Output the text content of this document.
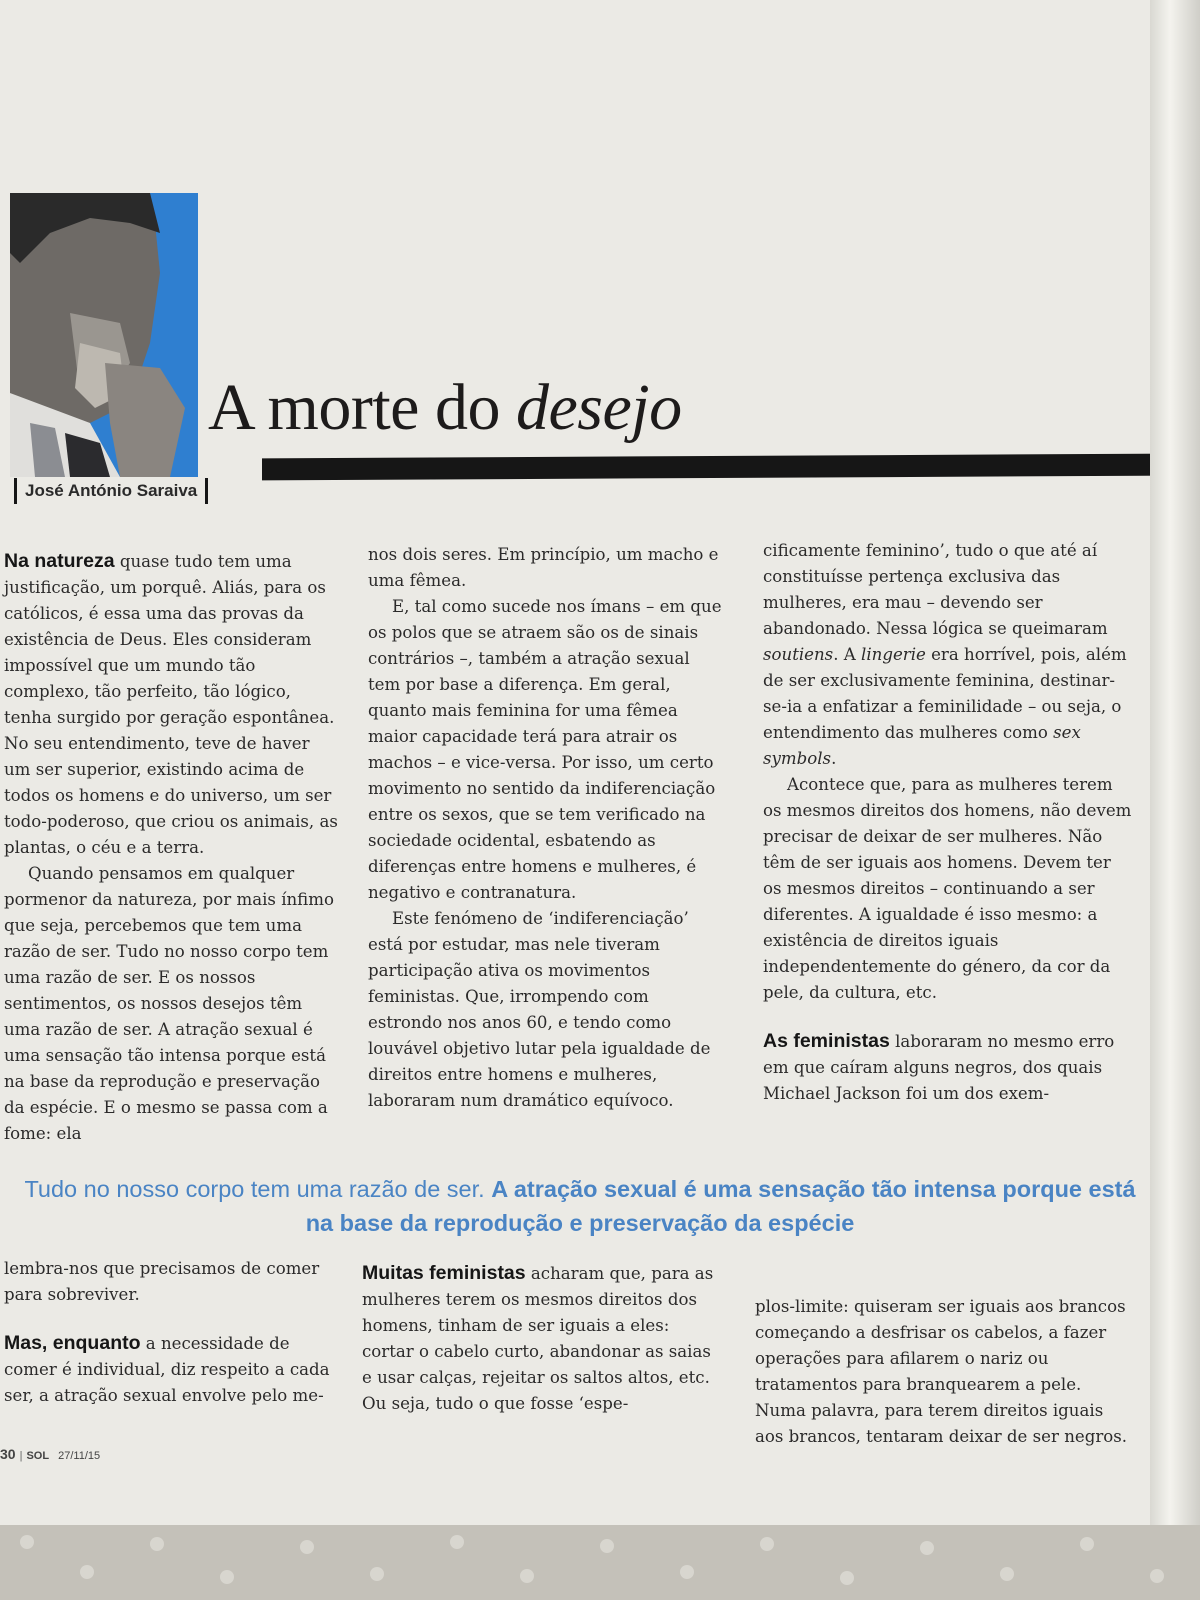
A morte do desejo
José António Saraiva

Na natureza quase tudo tem uma justificação, um porquê. Aliás, para os católicos, é essa uma das provas da existência de Deus. Eles consideram impossível que um mundo tão complexo, tão perfeito, tão lógico, tenha surgido por geração espontânea. No seu entendimento, teve de haver um ser superior, existindo acima de todos os homens e do universo, um ser todo-poderoso, que criou os animais, as plantas, o céu e a terra.

Quando pensamos em qualquer pormenor da natureza, por mais ínfimo que seja, percebemos que tem uma razão de ser. Tudo no nosso corpo tem uma razão de ser. E os nossos sentimentos, os nossos desejos têm uma razão de ser. A atração sexual é uma sensação tão intensa porque está na base da reprodução e preservação da espécie. E o mesmo se passa com a fome: ela

nos dois seres. Em princípio, um macho e uma fêmea.

E, tal como sucede nos ímans – em que os polos que se atraem são os de sinais contrários –, também a atração sexual tem por base a diferença. Em geral, quanto mais feminina for uma fêmea maior capacidade terá para atrair os machos – e vice-versa. Por isso, um certo movimento no sentido da indiferenciação entre os sexos, que se tem verificado na sociedade ocidental, esbatendo as diferenças entre homens e mulheres, é negativo e contranatura.

Este fenómeno de ‘indiferenciação’ está por estudar, mas nele tiveram participação ativa os movimentos feministas. Que, irrompendo com estrondo nos anos 60, e tendo como louvável objetivo lutar pela igualdade de direitos entre homens e mulheres, laboraram num dramático equívoco.

cificamente feminino’, tudo o que até aí constituísse pertença exclusiva das mulheres, era mau – devendo ser abandonado. Nessa lógica se queimaram soutiens. A lingerie era horrível, pois, além de ser exclusivamente feminina, destinar-se-ia a enfatizar a feminilidade – ou seja, o entendimento das mulheres como sex symbols.

Acontece que, para as mulheres terem os mesmos direitos dos homens, não devem precisar de deixar de ser mulheres. Não têm de ser iguais aos homens. Devem ter os mesmos direitos – continuando a ser diferentes. A igualdade é isso mesmo: a existência de direitos iguais independentemente do género, da cor da pele, da cultura, etc.

As feministas laboraram no mesmo erro em que caíram alguns negros, dos quais Michael Jackson foi um dos exem-

Tudo no nosso corpo tem uma razão de ser. A atração sexual é uma sensação tão intensa porque está na base da reprodução e preservação da espécie

lembra-nos que precisamos de comer para sobreviver.

Mas, enquanto a necessidade de comer é individual, diz respeito a cada ser, a atração sexual envolve pelo me-

Muitas feministas acharam que, para as mulheres terem os mesmos direitos dos homens, tinham de ser iguais a eles: cortar o cabelo curto, abandonar as saias e usar calças, rejeitar os saltos altos, etc. Ou seja, tudo o que fosse ‘espe-

plos-limite: quiseram ser iguais aos brancos começando a desfrisar os cabelos, a fazer operações para afilarem o nariz ou tratamentos para branquearem a pele. Numa palavra, para terem direitos iguais aos brancos, tentaram deixar de ser negros.

30 | SOL 27/11/15
